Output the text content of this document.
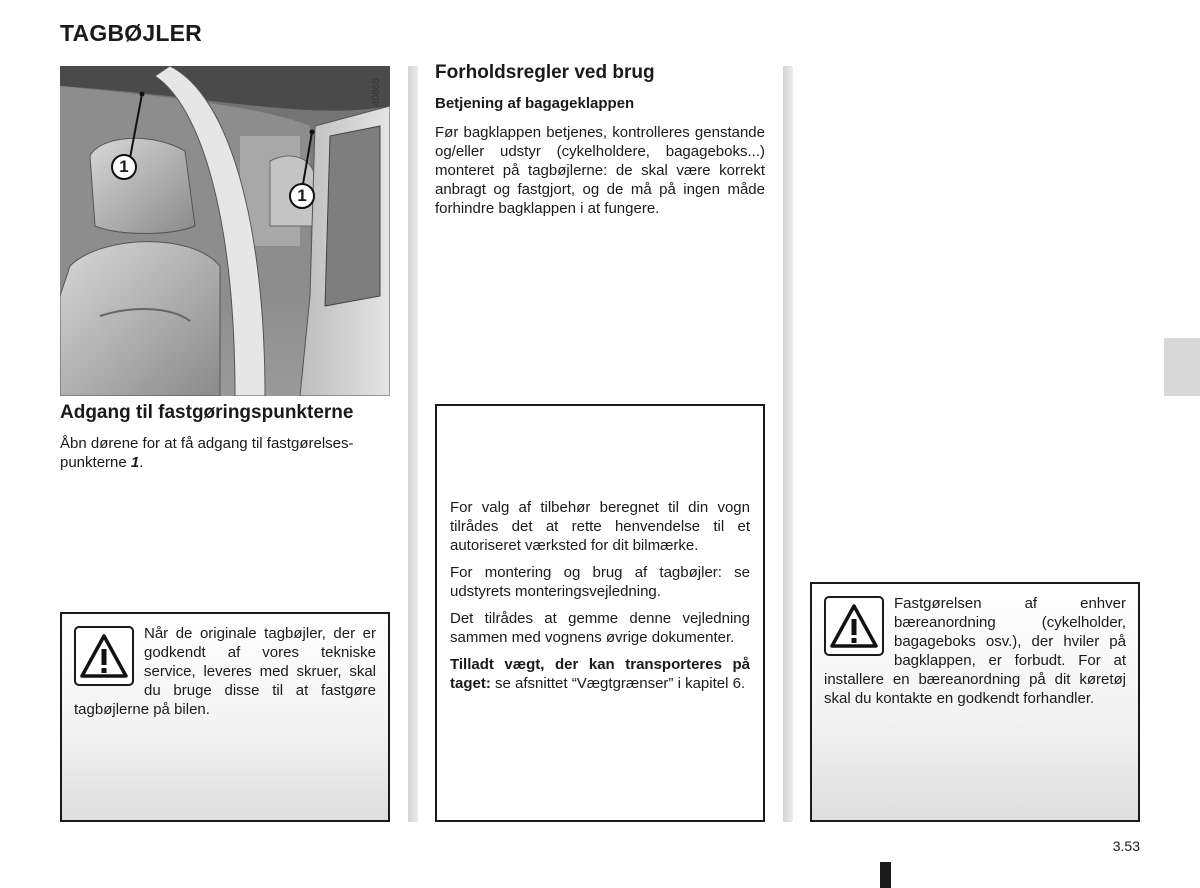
TAGBØJLER
1
1
40865
Adgang til fastgøringspunkterne
Åbn dørene for at få adgang til fastgørelses-
punkterne 1.
Når de originale tagbøjler, der er godkendt af vores tekniske service, leveres med skruer, skal du bruge disse til at fastgøre tagbøjlerne på bilen.
Forholdsregler ved brug
Betjening af bagageklappen
Før bagklappen betjenes, kontrolleres genstande og/eller udstyr (cykelholdere, bagageboks...) monteret på tagbøjlerne: de skal være korrekt anbragt og fastgjort, og de må på ingen måde forhindre bagklappen i at fungere.

For valg af tilbehør beregnet til din vogn tilrådes det at rette henvendelse til et autoriseret værksted for dit bilmærke.

For montering og brug af tagbøjler: se udstyrets monteringsvejledning.

Det tilrådes at gemme denne vejledning sammen med vognens øvrige dokumenter.

Tilladt vægt, der kan transporteres på taget: se afsnittet “Vægtgrænser” i kapitel 6.

Fastgørelsen af enhver bæreanordning (cykelholder, bagageboks osv.), der hviler på bagklappen, er forbudt. For at installere en bæreanordning på dit køretøj skal du kontakte en godkendt forhandler.
3.53
